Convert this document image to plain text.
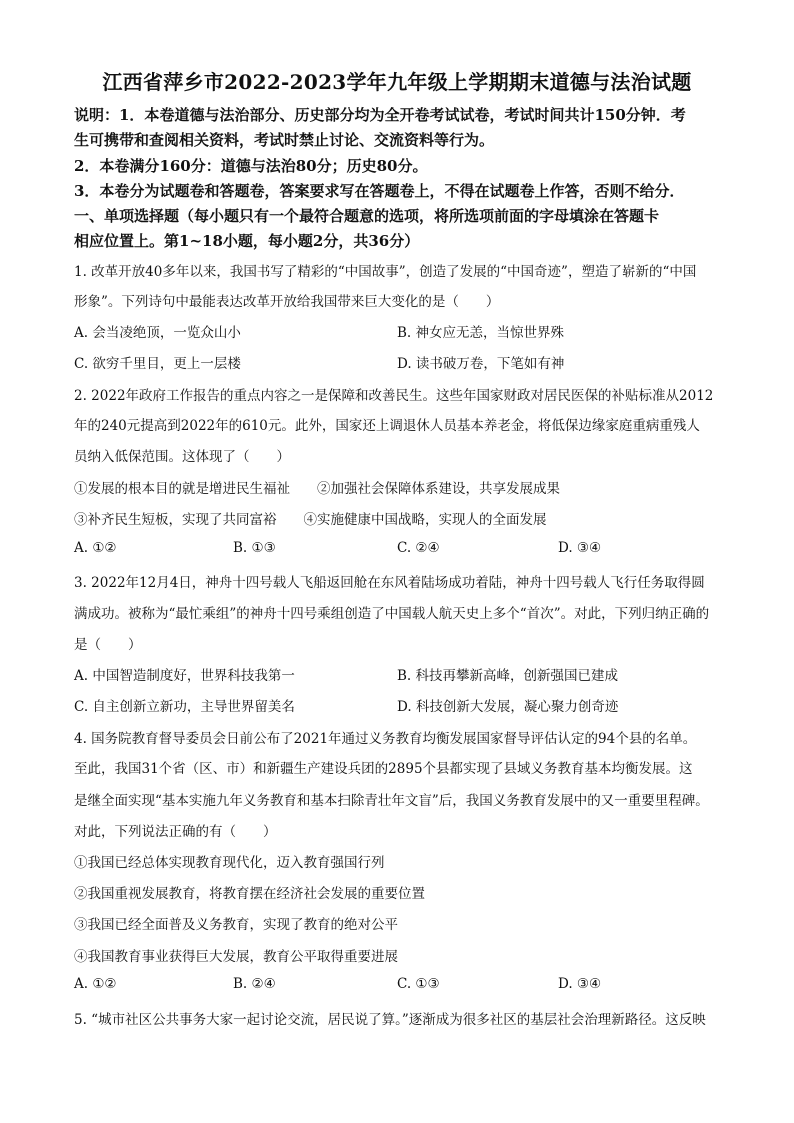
江西省萍乡市2022-2023学年九年级上学期期末道德与法治试题
说明：1．本卷道德与法治部分、历史部分均为全开卷考试试卷，考试时间共计150分钟．考
生可携带和查阅相关资料，考试时禁止讨论、交流资料等行为。
2．本卷满分160分：道德与法治80分；历史80分。
3．本卷分为试题卷和答题卷，答案要求写在答题卷上，不得在试题卷上作答，否则不给分．
一、单项选择题（每小题只有一个最符合题意的选项，将所选项前面的字母填涂在答题卡
相应位置上。第1~18小题，每小题2分，共36分）
1. 改革开放40多年以来，我国书写了精彩的“中国故事”，创造了发展的“中国奇迹”，塑造了崭新的“中国
形象”。下列诗句中最能表达改革开放给我国带来巨大变化的是（　　）
A. 会当凌绝顶，一览众山小	B. 神女应无恙，当惊世界殊
C. 欲穷千里目，更上一层楼	D. 读书破万卷，下笔如有神
2. 2022年政府工作报告的重点内容之一是保障和改善民生。这些年国家财政对居民医保的补贴标准从2012
年的240元提高到2022年的610元。此外，国家还上调退休人员基本养老金，将低保边缘家庭重病重残人
员纳入低保范围。这体现了（　　）
①发展的根本目的就是增进民生福祉　　②加强社会保障体系建设，共享发展成果
③补齐民生短板，实现了共同富裕　　④实施健康中国战略，实现人的全面发展
A. ①②	B. ①③	C. ②④	D. ③④
3. 2022年12月4日，神舟十四号载人飞船返回舱在东风着陆场成功着陆，神舟十四号载人飞行任务取得圆
满成功。被称为“最忙乘组”的神舟十四号乘组创造了中国载人航天史上多个“首次”。对此，下列归纳正确的
是（　　）
A. 中国智造制度好，世界科技我第一	B. 科技再攀新高峰，创新强国已建成
C. 自主创新立新功，主导世界留美名	D. 科技创新大发展，凝心聚力创奇迹
4. 国务院教育督导委员会日前公布了2021年通过义务教育均衡发展国家督导评估认定的94个县的名单。
至此，我国31个省（区、市）和新疆生产建设兵团的2895个县都实现了县域义务教育基本均衡发展。这
是继全面实现“基本实施九年义务教育和基本扫除青壮年文盲”后，我国义务教育发展中的又一重要里程碑。
对此，下列说法正确的有（　　）
①我国已经总体实现教育现代化，迈入教育强国行列
②我国重视发展教育，将教育摆在经济社会发展的重要位置
③我国已经全面普及义务教育，实现了教育的绝对公平
④我国教育事业获得巨大发展，教育公平取得重要进展
A. ①②	B. ②④	C. ①③	D. ③④
5. “城市社区公共事务大家一起讨论交流，居民说了算。”逐渐成为很多社区的基层社会治理新路径。这反映
